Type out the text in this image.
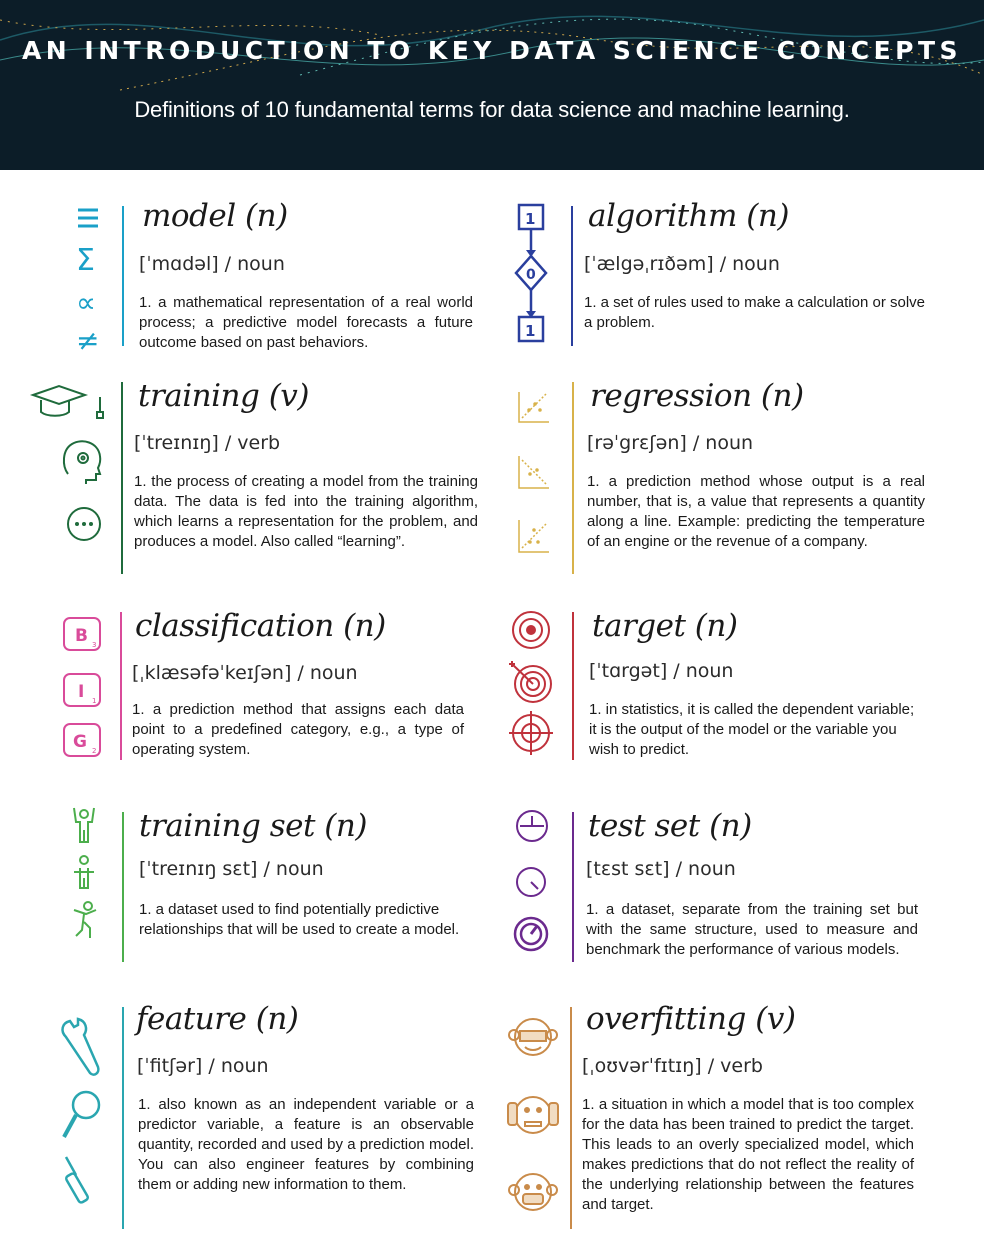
AN INTRODUCTION TO KEY DATA SCIENCE CONCEPTS
Definitions of 10 fundamental terms for data science and machine learning.
Σ
∝
≠
model (n)
[ˈmɑdəl] / noun
1. a mathematical representation of a real world process; a predictive model forecasts a future outcome based on past behaviors.
1
0
1
algorithm (n)
[ˈælgəˌrɪðəm] / noun
1. a set of rules used to make a calculation or solve a problem.
training (v)
[ˈtreɪnɪŋ] / verb
1. the process of creating a model from the training data. The data is fed into the training algorithm, which learns a representation for the problem, and produces a model. Also called “learning”.
regression (n)
[rəˈgrɛʃən] / noun
1. a prediction method whose output is a real number, that is, a value that represents a quantity along a line. Example: predicting the temperature of an engine or the revenue of a company.
B 3
I 1
G 2
classification (n)
[ˌklæsəfəˈkeɪʃən] / noun
1. a prediction method that assigns each data point to a predefined category, e.g., a type of operating system.
target (n)
[ˈtɑrgət] / noun
1. in statistics, it is called the dependent variable; it is the output of the model or the variable you wish to predict.
training set (n)
[ˈtreɪnɪŋ sɛt] / noun
1. a dataset used to find potentially predictive relationships that will be used to create a model.
test set (n)
[tɛst sɛt] / noun
1. a dataset, separate from the training set but with the same structure, used to measure and benchmark the performance of various models.
feature (n)
[ˈfitʃər] / noun
1. also known as an independent variable or a predictor variable, a feature is an observable quantity, recorded and used by a prediction model. You can also engineer features by combining them or adding new information to them.
overfitting (v)
[ˌoʊvərˈfɪtɪŋ] / verb
1. a situation in which a model that is too complex for the data has been trained to predict the target. This leads to an overly specialized model, which makes predictions that do not reflect the reality of the underlying relationship between the features and target.
